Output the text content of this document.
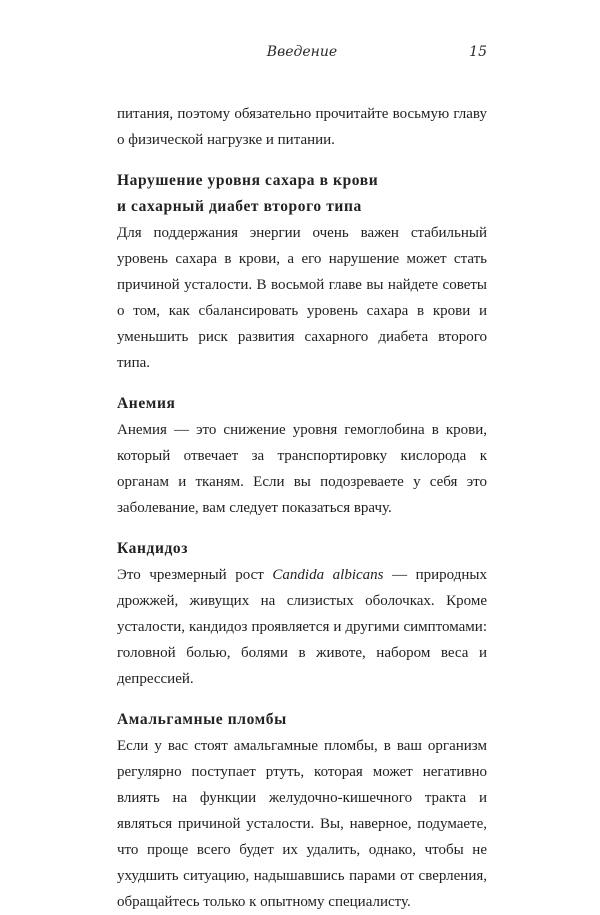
Введение	15

питания, поэтому обязательно прочитайте восьмую главу о физической нагрузке и питании.

Нарушение уровня сахара в крови
и сахарный диабет второго типа

Для поддержания энергии очень важен стабильный уровень сахара в крови, а его нарушение может стать причиной усталости. В восьмой главе вы найдете советы о том, как сбалансировать уровень сахара в крови и уменьшить риск развития сахарного диабета второго типа.

Анемия

Анемия — это снижение уровня гемоглобина в крови, который отвечает за транспортировку кислорода к органам и тканям. Если вы подозреваете у себя это заболевание, вам следует показаться врачу.

Кандидоз

Это чрезмерный рост Candida albicans — природных дрожжей, живущих на слизистых оболочках. Кроме усталости, кандидоз проявляется и другими симптомами: головной болью, болями в животе, набором веса и депрессией.

Амальгамные пломбы

Если у вас стоят амальгамные пломбы, в ваш организм регулярно поступает ртуть, которая может негативно влиять на функции желудочно-кишечного тракта и являться причиной усталости. Вы, наверное, подумаете, что проще всего будет их удалить, однако, чтобы не ухудшить ситуацию, надышавшись парами от сверления, обращайтесь только к опытному специалисту.
